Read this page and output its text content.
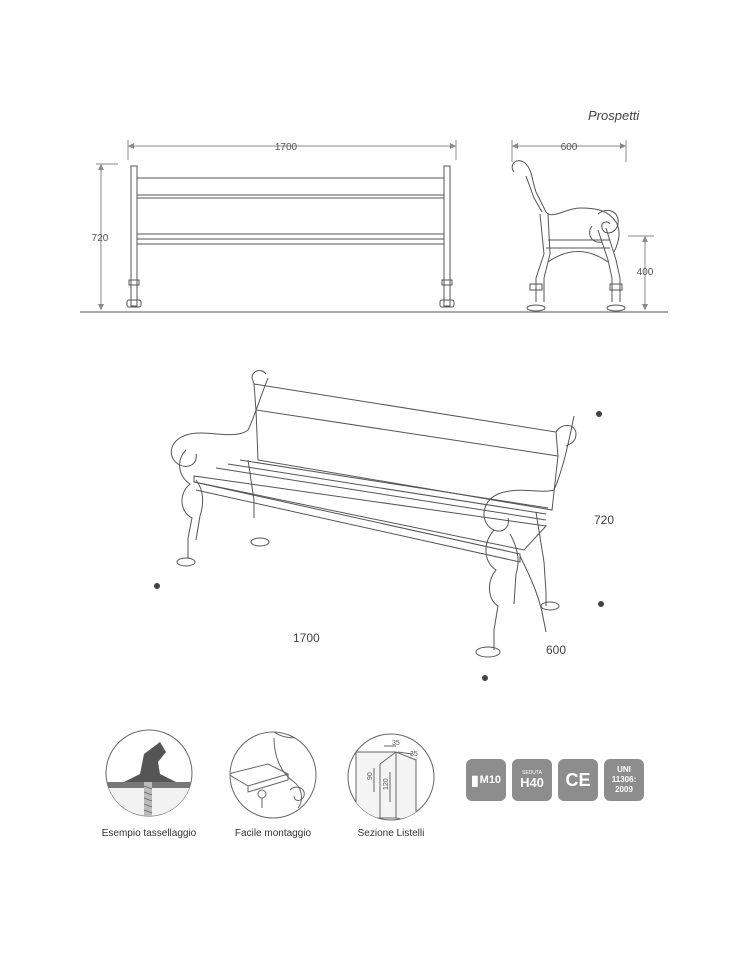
Prospetti
1700
720
600
400
720
1700
600
Esempio tassellaggio	Facile montaggio
35
35
90
120
Sezione Listelli
▮ M10
SEDUTA
H40 CE	UNI
11306:
2009
